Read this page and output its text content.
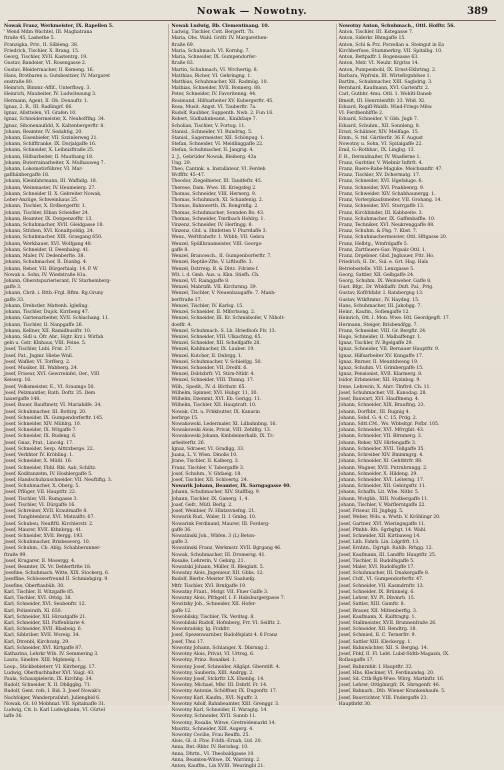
Nowak — Nowotny.	389
Nowak Franz, Werkmeister, IX. Rapellen 5.
' Wend Mdm Wachtel, III. Maghatrana
ftraße 45, Lasbethe 5.
Franzigka, Priv., II. Silbleng. 38.
Friedrich, Tischler, X. Brang. 15.
Georg, Tischler, XVII. Kastentrg. 19.
Gustav, Bandeier, VI. Rosengasse 2.
Gustav, Bleidermacher, II. Kemeng. 16.
Hans, Brotbaren u. Gutsbesitzer, IV. Margaret
enstraße 80.
Heinrich, Bimmr.-Affif., Unterfhwg. 3.
Heinrich, Maubeiter, IV. Ludwiteaung 3.
Hermann, Agent, II. Ob. Donauftr. 1.
Ignaz, 2. R., III. Radlingrf. 66.
Ignaz, Allsttelen, VI. Grafen 10.
Ignaz, Schneidermeister, X. Neuhoffthg. 34.
Jgnaz, Sihonenaufidd, X. Kaltenbergerftr. 8.
Johann, Beamter, IV. Sedahtig, 20.
Johann, Eisenbiefer, VII. Szzinlerweg 21.
Johann, Schifftranke, IX. Dorjalgaffe 16.
Johann, Schneider, X. Leibnizftraße 25.
Johann, Hilfsarbeiter, II. Mauthang 18.
Johann, Buterrainarbeiter, X. Mulhauweg 7.
Johann, Lokomotivführer, VI. Mar-
gaflhänbergaffe 18.
Johann, Kleinfahrmann, III. Waffallg. 18.
Johann, Weinmaster, IV. Heumeierg. 27.
Johann, Schneider II. X. Gebreiter Nowak,
Leber-Anzüge, Schweinhaus 25.
Johann, Tischler, X. Erdbergerftr. 1.
Johann, Tischler, Elban Scheidler 24.
Johann, Beamter, IX. Donpenzofftr. 13.
Johann, Schuhmacher, XVII. Gleidgasse 18.
Johann, Stfoben, XVI. Konaltpoldig. 24.
Johann, Schuhmacher, XIII. Grasgang 650.
Johann, Werkbauer, XVI. Wolfgang 48.
Johann, Schneider, II. Deenbaleg. 41.
Johann, Maler, IV. Dedenberfte. 38.
Johann, Schuhmacher, II. Dianbg. 4.
Johann, Reber, VII. Bürgerhialg. 14. P. W
Nowak u. Sohn, IV. Wiedstraße 81a.
Johann, Oberstspurierierant, IV. Starhemberg-
gaffe 3.
Johann, Cbrit. i. Rttb.-Frgl. Rftm. Rg.Gruny
gaffe 33.
Johann, Drehstler, Mattenh. Iglefing.
Johann, Tischler, Dujck. Kirrbeng 47.
Johann, Gartenarbeiter, XVII. Schlachang. 11.
Johann, Tischler, II. Nanpgaffe 26.
Johann, Kellner, XII. Ramidhusiftr. 10.
Johann, Sidl u. Öfr. Abr., Hgtr. Krz i. Wirfah
geln u. Gstr. Klnhaus, VIII. Feine. 5.
Josef, Tischler, Lnbi. Frnt. 27.
Josef, Pat., Jngmr. Hiebe Wnll.
Josef, Waflier, VI. Torfferg. 2.
Josef, Musiker, III. Wabberg. 24.
Josef, Friseur, XVI. Gewrreinfel, Oer., VIII
Keiserg. 16.
Josef, Volksmeister, E., VI. Sraumgo 50.
Josef, Pelzmantler, Rath. Doftr. 35. Dem
hauergaffe 148.
Josef, Bauer, Bauftmetr, VI. Mariahilfe. 34.
Josef, Schuhmacher, III. Bottirg. 20.
Josef, Schneider, IX. Gumpendorferftr. 145.
Josef, Schneider, XIV. Mühlrg. 10.
Josef, Schneider, IX. Witgaffe 7.
Josef, Schneider, IX. Rudeng. 6.
Josef, Gnaz, Prat., Lincolg. 17.
Josef, Schneider, Sevp. Alttrzberge. 22.
Josef, Verkhter IV. Kröhling. 1.
Josef, Schneider, X. Mütll. 16.
Josef, Schneider, Fbhl. Rbl. Aab, Schiltz.
Josef, Koditanzetm, IV. Hoshlergaffe 5.
Josef, Handschuhzuschneider, VII. Neuftiftg. 3.
Josef, Schuhmacher, X. Oberg. 5.
Josef, Pflüger, VII. Hauptftr. 22.
Josef, Tischler, VII. Rumgasse 3.
Josef, Tischler, VI. Dürgaffe 16.
Josef, Schreiner, XVII. Krautmaffe 8.
Josef, Tnnghtenbrar, XVI. Matzalftv. 67.
Josef, Schubeu, Neuftftl. Kirchlerstr. 2.
Josef, Maurer, XVII. Kthnbrgg. 41.
Josef, Schneider, XVII. Bergg. 193.
Josef, Schuhmacher, Brisbeaverg. 10.
Josef, Schuhm., Cb. Ablg. Schabberunner-
ftraße 99.
Josef, Krugarer, II. Mosergg. 4.
Josef, Beamter, IX. Vr. Deblerftrße 18.
Josefine, Schuhmach. Witte, XIX. Stockerg. 6.
Joseffine, Schlosserfreund II. Schmiebgirg. 9.
Josefine, Oberftaubüh. 30.
Karl, Tischler, II. Witzgaffe 85.
Karl, Tischler, XVI. Ottdg. 38.
Karl, Schneider, XVI. Seubenftr. 12.
Karl, Polizeirath, XI. 650.
Karl, Schneider, XII. Hirsatgaffe 21.
Karl, Schneider, XII. Paffenblarie 4.
Karl, Schneider, XVII. Blasbeig. 6.
Karl, Sihbriber, XVII. Wsreig. 34.
Karl, Dtrenbl, Kirchvatg. 29.
Karl, Schneider, XVI. Kirtgaffe 87.
Katharina, Lehrkr Wtb. IV. Semmering 3.
Laura, Sinehre. XIII. Mgbmelg. 1.
Leop., Stickbebieterr, VI. Kirrbergg. 17.
Ludwig, Oberbuchhalter XVI. Vaigl. 43.
Paula, Schauspielerin, IX. Kirchbg. 34.
Rudolf, Schneider, X. II. Dbllggbg. 71.
Rudolf, Gent. rofs, I. Bid. 3. Josef Nowak's
Nachfolger, Wanderprafahrl, Juliengbid 6.
Nowak, Gt. 10 Mobhnat. VII. Spitalnaffe 31.
Ludwig, Ctt. b. Karl Ludwigbahn, VI. Gürtel
laffe 36.
Nowak Ludwig, Bb. Clementinang. 10.
Ludwig, Tischler, Cott. Bergerft. 7b.
Maria, Obs. Wahl. Grdfr. IV. Margarethen-
ftraße 69.
Maria, Schuhmach. VI. Kornhg. 7.
Maria, Schneider, IX. Gumpendorfer-
ftraße 83.
Martin, Schuhmach, VI. Wrchertig. 8.
Matthias, Richer, VI. Gehringng. 1.
Matthias, Schuhmacher, XII. Radmüg. 10.
Mathias, Schneider, XVII. Bonnerg. 88.
Peter, Schneider, IV. Favoritenng. 44.
Rosimund, Hilfsarbeiter XV. Kubergerftr. 45.
Rosa, Musit. Angst. VI. Tauberftr. 7a.
Rudolf, Raubber, Suppenth. Nwb. 2. Fun 16.
Robert, Südbahnbeamt., Kinihfaqe 7.
Scholian, Tischler, V. Fortug. 11.
Stanisl., Schneider, VI. Rundrng. 5.
Stanisl., Sagermeister, XII. Schönpug. 1.
Stefan, Schneider, VI. Meidlinggaffe 22.
Stefan, Schuhmacher, II. Jangrig. 4.
2. J., Gebrüder Nowak, Bleiberg. 43a
Ung. 29.
Theo, Cantink. u. Installateur, VI. Ferdeb
Wcffftr. 45–47.
Theodor, Ziegelbieter, III. Tandfeftr. 45.
Therese, Dam. Wwe. III. Kriegsfeg 2.
Thomas, Schneider, VIII. Hernerg. 9.
Thomas, Schuhmach, XI. Schanfenig. 2.
Thomas, Bahnwerth, IX. Bongrnfig. 2.
Thomas, Schuhmacher, Sonnden Bo. 43.
Thomas, Schneider, Tmrlbach Hohlrg. 1.
Vinzenz, Schneider, IV. Herfingg. 8.
Vinzenz, Gtd. u. Hmfetten V. Plurrdaffe 3.
Wenz., Weftfrahsftr. 1. Wbbb, VII. Gebra
Wenzel, Spüllbraumeister, VIII. Georgs-
gaffe 8.
Wenzel, Brancesch., II. Gumpenborferftr. 7.
Wenzel, Reptile-Zfte, V. Liftbuffe. 3.
Wenzel, Dstrreig. B. & Dbtc. Fdriste f.
Wlt. i. d. Gmb. Aus. u. Kbn. Stiefh. Ch.
Wenzel, VI. Rainggaffe 8.
Wenzel, Mabrnfit. VII. Kirchrnng. 39.
Wenzel, Tischler, V. Neuenbaugaffe. 7. Manh-
berftraße 17.
Wenzel, Tischler, IV. Karlsg. 15.
Wenzel, Schneider, II. Mlfortsong. 2.
Wenzel, Schneider, III. Kr. Schmidsofer, V. Niholt-
doeffr. 4.
Wenzel, Schuhmach. S. Lb. Hriedbofs Ftr. 13.
Wenzel, Schneider, VIII. Ulkachtng. 65.
Wenzel, Schneider, XII. Schelfgaffe 28.
Wenzel, Kahlmacher, IX. Lauber. 19.
Wenzel, Kutcher, II. Dnbrgg. 1.
Wenzel, Schuhmacher, V. Schleifgg. 50.
Wenzel, Schneider, VII. Dreifd. 6.
Wenzel, Dsbtzbrfr. VI. Stirn-Ntldr. 4.
Wenzel, Schneider, VIII. Tlnnng. 17.
Wilh., Spedit., IV. d. Blcthstr. 65.
Wilhelm, Spinner, XVI. Hubgr. 11, 30.
Wilhelm, Dzemmt, XVI. Eb. Gerigg. 11.
Wilhelm, Tischler, XII. Hauptraft. 10.
Nowak, Ctt. u. Frbkbutter, IX. Kanarin
berbrge 15.
Nowakowski, Ledermaler, XI. Ldbahnbng. 16.
Nowakowski Alois, Privat, VIII. Zehlfrg. 13.
Nowakowski Johann, Kmbdeinerhalb, IX. Tr.-
arbeiterftr. 26.
Ignaz, Sdraeer, VI. Gradlgg. 33.
Juana, L. V. Wien. Dinolis 10.
Jrane, Tischler, II. Kalberg. 3.
Franz, Tischler, V. Tabergaffe 3.
Josef, Schuhm., V. Ghfaeig. 18.
Josef, Tischler, XII. Schloertg. 24.
Nowarik Johann, Beamter, IX. Sarngagasse 40.
Johann, Schuhmacher, XIV. Staffbig. 9.
Johann, Tischler, IX. Ganerg. 1, 4.
Joasf, Gefr., Mütl. Berlg. 2.
Josef, Weinbier, IV. Hlatzsvnefng. 21.
Nowarik Rud., Waler, II. 1 Gmbg. 10.
Nowarink Ferdinand, Maurer, III. Forderg-
gaffe 36.
Nowatinski Joh., Wbfen. 3 (L) Beton-
gaffe 3.
Nowatinski Franz, Werkmstr. XVII. Bgrgang 46.
Nowak, Schuhmacher, III. Dromersg. 41.
Rosalie, Lehrerin, V. Gebirg. 21.
Nowatski Johann, Müller, II. Bleiglatt. 5.
Nowatny Alois, Jngenieur, XII. Gbbs. 12.
Rudolf, Bierbr.-Meister XV. Saaluefg.
Mtfr. Tischler, XVI. Brnfgaffe 19.
Nowatny Frant., Mstgr. VII. Fluer Gaffe 3.
Nowatny Alois, Pfrbgelf, I. F. Habsburgergasse 7.
Nowitzky Joh., Schneider, XII. Hofer-
gaffe 12.
Nowobilsky, Tischler, Tk. Verdtsg. 8.
Nowobilski Rudolf, Hofmberg, Frr. VI. Seilftr. 2.
Nowohradsky, Ig. Frzkfrr.
Josef, Spezenwarnber, Rudolfsplatz 4. 6 Franz
Josef, Thui 17.
Nowotny Johann, Schlanger, X. Dbirnng 2.
Nowotny Alois, Privat, VI. Urtrsg. 6.
Nowotny, Prinz. Ronalkel. 1.
Nowotny Josef, Schneider, Allgäpt. Gberstift. 4.
Nowotny, Sauberin, XIII. Andrgg. 2.
Nowotny Josef, Stckrftr. LX. Ehenbg. 14.
Nowotny, Michael, Mbr. III. Dshrlf. Fr. 14.
Nowotny Antonie, Schöffner, IX. Dugenftr. 17.
Nowotny Karl, Kaufm., XVI. Nguffr. 3.
Nowotny Adolf, Bahnbeamter, XIII. Grenggr. 3.
Nowotny Karl, Schneider, II. Waragtg. 14.
Nowotny, Schneider, XVII. Sunnb 11.
Nowotny, Rosalie, Witwe, Gretreidemarkt 14.
Mauritz, Schneider, XIII. Augerg. 4.
Nowotny Cecilie, Frau Reuffn. 25.
Alois, Gl. d. Fbw. Fcldb.-Ernah, Ltd. 20.
Anna, Bnt.-Rbbr. IV. Reriohsg. 10.
Anna, Dhrtn., VI. Theobaldgasse 10.
Anna, Beamten-Witwe, IX. Warrintg. 2.
Anton, Kauffm., Lin XVIII. Weuringbl 21.
Nowotny Anton, Schuhmach., Ottl. Hofftr. 56.
Anton, Tischler, III. Kstegasse 7.
Anton, Siderkr. Bhmgaffe 15.
Anton, Schi & Prz. Porzellan u. Steingut in Ea
Kirchberfuse, Stummerkrg. VII. Spitalbg. 10.
Anton, Bettpaffr. I. Bogensasse 63.
Anton, Mstr. VI. Neuhr. Krgrlss 14.
Anton, Pumpenbohl, IX. Ernst-Ekhrtmg. 2.
Barbara, Wpfrsin, III. Wlrtefirgnhfsse 1.
Bartlm., Schuhmacher, XIII. Sagbdrig. 3.
Bernhard, Kaufmann, XVI. Gartenftr. 2.
Carl, Gutbhr. 4mu. Ottl. 1. Wohltl-Daneb
Bmeift, III. Henrntenftfr. 33. Wbß. XI.
Eduard, Rogifl-Waldb. Wind-Friegs Mßw.
VI. Ferdbenhlffle 2.
Eduard, Schneider, V. Gbb. Jngb 7.
Eduard, Schuhm., XII. Sonnleng. 8.
Ernst, Schäbner, XIV. Meilfage. 15.
Emm., S. ttd. Gärtlerfir. 36 F. August
Nowotny u. Sohn, VI. Spitalgaffe 22.
Emil, G.-Rothbar., IX. Lingbg. 13.
F. R., Dermidnaßer, IV. Waaflerne 1.
Franz, Gurbtier, V. Wiebnir Inftrft. 4.
Franz, Ruere-Rabe-Maguke. Meichsanftr. 47.
Franz, Tischler, XV. Dchermatg. 17.
Franz, Schneider, XVI. Hgefaluge. 6.
Franz, Schneider, XVI. Pnahbenrg. 9.
Franz, Schweider. XIV. Schabhaunergg. 1.
Franz, Vorterpkaufsmeiter, VII. Grohang. 14.
Franz, Schneider, XVI. Sturrgaffe 13.
Franz, Kirchbinder, III. Kabbzeite. 3.
Franz, Schuhmacher, IX. Gaffenbaffie. 10.
Franz, Techniker, XVI. Neukrenggaffe 88.
Franz, Schuhm. & Fbg. 7. Kbst. 7.
Franz, Schuhmachermeister, Ottl. Hftgasse 20.
Franz, Helbtg., Wmfrdgaffe 5.
Franz, Zartfauers-Gaz. Wgsalz Ottl. 1.
Franz, Drgebner, Gbd. Jngbauer, Fttr. Ho.
Friedrich, II. Dr., Sul. e. Grt. Hag. Hals
Betriebsstelle, VIII. Lenzgasse 5.
Georg, Sattler, XII. Gelbgaffe 24.
Georg, Schuhm. IX. Weinweber. Gaffe 8.
Gust. Bfgr., Dr. Wbldlaffr. Dnft. Pal., Prtg.
Gustav, Koffrbfabr. I. Ratsbergng 13.
Gustav, Wtkftmmr., IV. Haydng. 15.
Hans, Schuhmacher, III. Jakobgg. 7.
Heinr., Kaufm., Sofiengaffe 12.
Heinrich, Ott. I. Mon. Wwe. Htl. Geordgegft. 17.
Hermann, Steiger, Brisbendfgg. 7.
Franz, Schneider, VIII. Gr. Bergftr. 24.
Hugo, Schneider, II. Malbaffengr. 1.
Ignaz, Tischler, IV. Bgelgaffe 29.
Ignaz, Schneider, VII. Bernauer Hauptftr. 9.
Ignaz, Hilfsarbeiter XV. Knngaffe 17.
Ignaz, Rnrner, II. Meuntdweng 19.
Ignaz, Schuhm. VI. Grimbergaffe 15.
Ignaz, Pensionist, XVII. Klarmerg. 8.
Isidor, Erbmeister, XII. Hyzinbsg. 9.
Irene, Lehrerin, X. Ahrr. Tlnftrd. Ch. 11.
Josef, Schuhmacher, VII. Kanodag. 28.
Josef, Bauwart, XVI. Hauffmeng. 4.
Johann, Schneider, XIX. Brauftng. 23.
Johann, Dorfhbr., III. Rugnig 4.
Johann, Sobd. G. 4, C. 15, Prdg. 2.
Johann, Sdtt.CM., Ws. Wbbsltgr. Pofbr. 105.
Johann, Schneider, XVI. Mfrrgbit. 43.
Johann, Schneider, VII. Blrnmerg. 3.
Johann, Reker, XIV. Hirfengaffe 3.
Johann, Schneider, XVII. Tellgaffe 35.
Johann, Schreiber XIV. Bmmmgrg. 4.
Johann, Schneider, XI. Gehtbtrfr. 88.
Johann, Wagner, XVII. Pntrnbrnngg. 2.
Johann, Schneider, X. Hildeng. 29.
Johann, Schneider, XVI. Leiterng. 17.
Johann, Schneider, XII. Gebirgsftr. 11.
Johann, Schaffn. Lit. Wbe. Nitbr. 5.
Johann, Wstgbb., XIII. Nodbergaffe 11.
Johann, Tischler, V. Warflerntgaffe 22.
Josef, Friseur, III. Jngbgg. 5.
Josef, Weber, Wds. u. Wwtb. V. Kröhlingr 20.
Josef, Gartner, XVI. Wieringngaffe 11.
Josef, Pfmhb. Rfs. Sgrbgbgt. 14. Wahl.
Josef, Schneider, XII. Kirtbaweg 14.
Josef, Lith. Fahrb. Lin. Ldgrfrft. 13.
Josef, Ernhtn., Dgrtgb. Rahlb. Rrhgg. 12.
Josef, Kaufmann, III. Landftr. Hauptftr. 25.
Josef, Tischler, II. Rudolfsgaffe 5.
Josef, Maler, XVI. Rudolfsgffe 17.
Josef, Schuhmacher, III. Dnakergaffe 8.
Josef, Ctdf., VI. Gumpendorferftr. 47.
Josef, Schneider, VII. Kasmdrnftr. 13.
Josef, Schneider, IX. Brünnelg. 6.
Josef, Lehrer, XV. Pl. Dbvmrb. 15.
Josef, Sattler, XIII. Gamftr. 8.
Josef, Brauer, XII. Mittenberftg. 3.
Josef, Kaufmann, X. Kaiftragtg. 1.
Josef, Stallmeister, XVII. Brunnenfraße 26.
Josef, Schneider, XII. Rendtrg. 18.
Josef, Schmied, II. C. Ternerfrr. 9.
Josef, Sattler XIII. Kleckergg. 1.
Josef, Bahnwächter, XII. S. Bergng. 14.
Josef, Fbhf, II. Fl. Lebt. Lubd-Stdtb-Magazin, IX.
Roflaugaffe 17.
Josef, Bahnrnhlr. I. Hauptftr. 32.
Josef, Hbs. Kleckner, VI. Ferdinandsg. 20.
Josef, Sd. Ctth-Rgb-Wwe. Wbrg. Martinftr. 16.
Josef, Lehrer, Ottlglmrgfr, IX. Sbrngenfr. 46.
Josef, Bahnarb., Dtb. Wiener Krankenhaufe. 5.
Josef, Bauvrichter, VIII. Fndergaffe 23.
Hauptbrkt 30.
